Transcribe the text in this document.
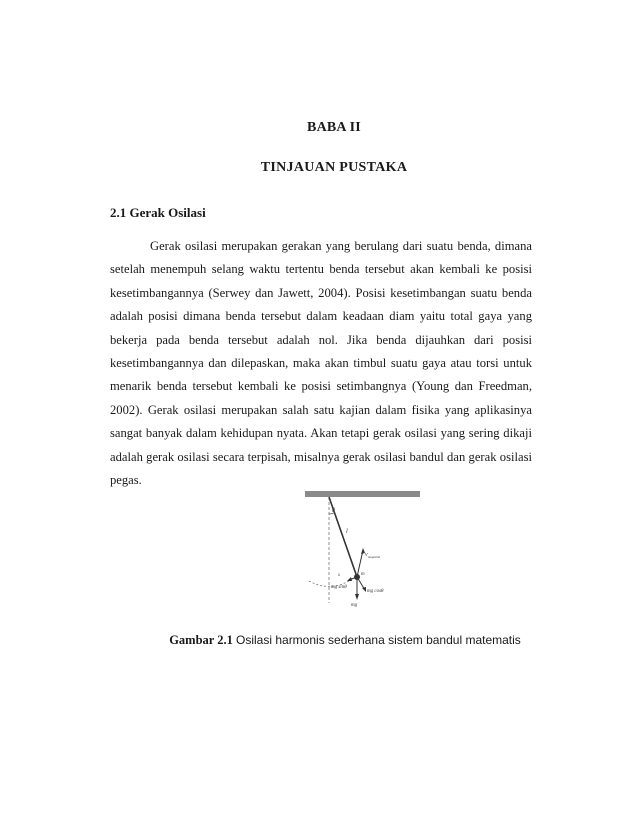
BABA II
TINJAUAN PUSTAKA
2.1 Gerak Osilasi

Gerak osilasi merupakan gerakan yang berulang dari suatu benda, dimana setelah menempuh selang waktu tertentu benda tersebut akan kembali ke posisi kesetimbangannya (Serwey dan Jawett, 2004). Posisi kesetimbangan suatu benda adalah posisi dimana benda tersebut dalam keadaan diam yaitu total gaya yang bekerja pada benda tersebut adalah nol. Jika benda dijauhkan dari posisi kesetimbangannya dan dilepaskan, maka akan timbul suatu gaya atau torsi untuk menarik benda tersebut kembali ke posisi setimbangnya (Young dan Freedman, 2002). Gerak osilasi merupakan salah satu kajian dalam fisika yang aplikasinya sangat banyak dalam kehidupan nyata. Akan tetapi gerak osilasi yang sering dikaji adalah gerak osilasi secara terpisah, misalnya gerak osilasi bandul dan gerak osilasi pegas.

θ
l
v tangential
s	m
mg sinθ
mg cosθ
mg
Gambar 2.1 Osilasi harmonis sederhana sistem bandul matematis
